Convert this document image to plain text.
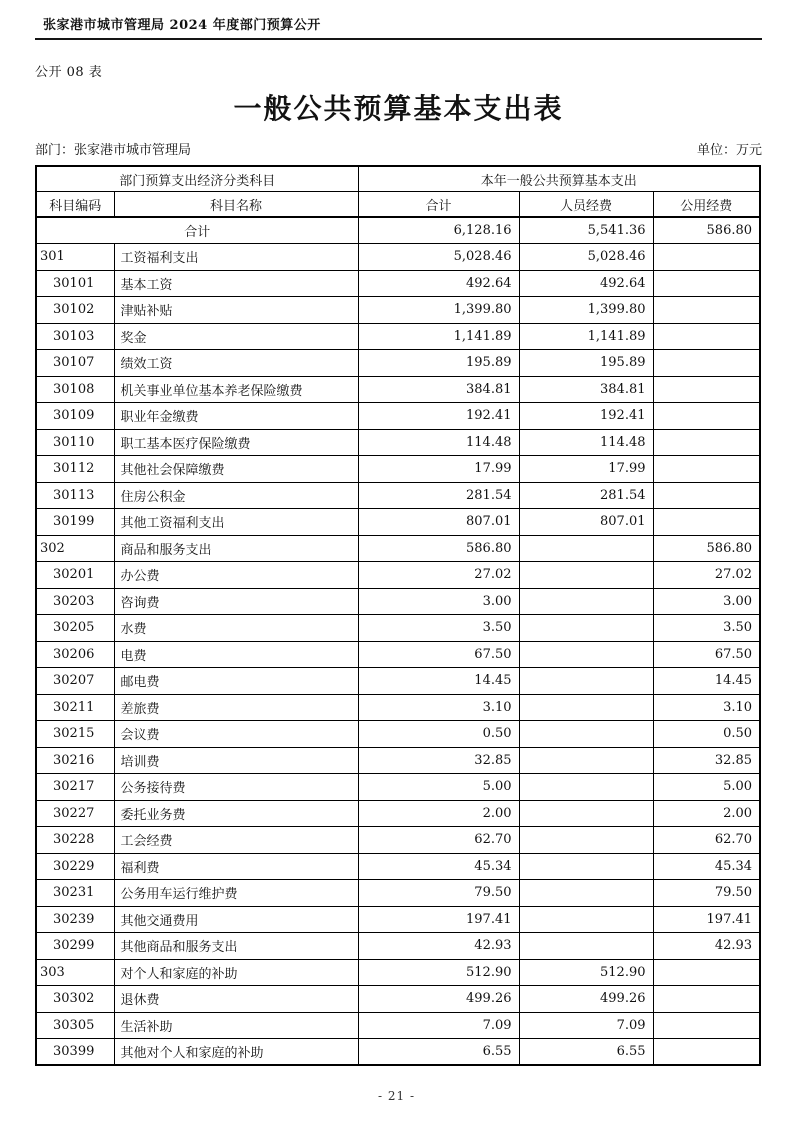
张家港市城市管理局 2024 年度部门预算公开
公开 08 表
一般公共预算基本支出表
部门：张家港市城市管理局	单位：万元
部门预算支出经济分类科目		本年一般公共预算基本支出		
科目编码	科目名称	合计	人员经费	公用经费
合计		6,128.16	5,541.36	586.80
301	工资福利支出	5,028.46	5,028.46	
30101	基本工资	492.64	492.64	
30102	津贴补贴	1,399.80	1,399.80	
30103	奖金	1,141.89	1,141.89	
30107	绩效工资	195.89	195.89	
30108	机关事业单位基本养老保险缴费	384.81	384.81	
30109	职业年金缴费	192.41	192.41	
30110	职工基本医疗保险缴费	114.48	114.48	
30112	其他社会保障缴费	17.99	17.99	
30113	住房公积金	281.54	281.54	
30199	其他工资福利支出	807.01	807.01	
302	商品和服务支出	586.80		586.80
30201	办公费	27.02		27.02
30203	咨询费	3.00		3.00
30205	水费	3.50		3.50
30206	电费	67.50		67.50
30207	邮电费	14.45		14.45
30211	差旅费	3.10		3.10
30215	会议费	0.50		0.50
30216	培训费	32.85		32.85
30217	公务接待费	5.00		5.00
30227	委托业务费	2.00		2.00
30228	工会经费	62.70		62.70
30229	福利费	45.34		45.34
30231	公务用车运行维护费	79.50		79.50
30239	其他交通费用	197.41		197.41
30299	其他商品和服务支出	42.93		42.93
303	对个人和家庭的补助	512.90	512.90	
30302	退休费	499.26	499.26	
30305	生活补助	7.09	7.09	
30399	其他对个人和家庭的补助	6.55	6.55	
- 21 -
